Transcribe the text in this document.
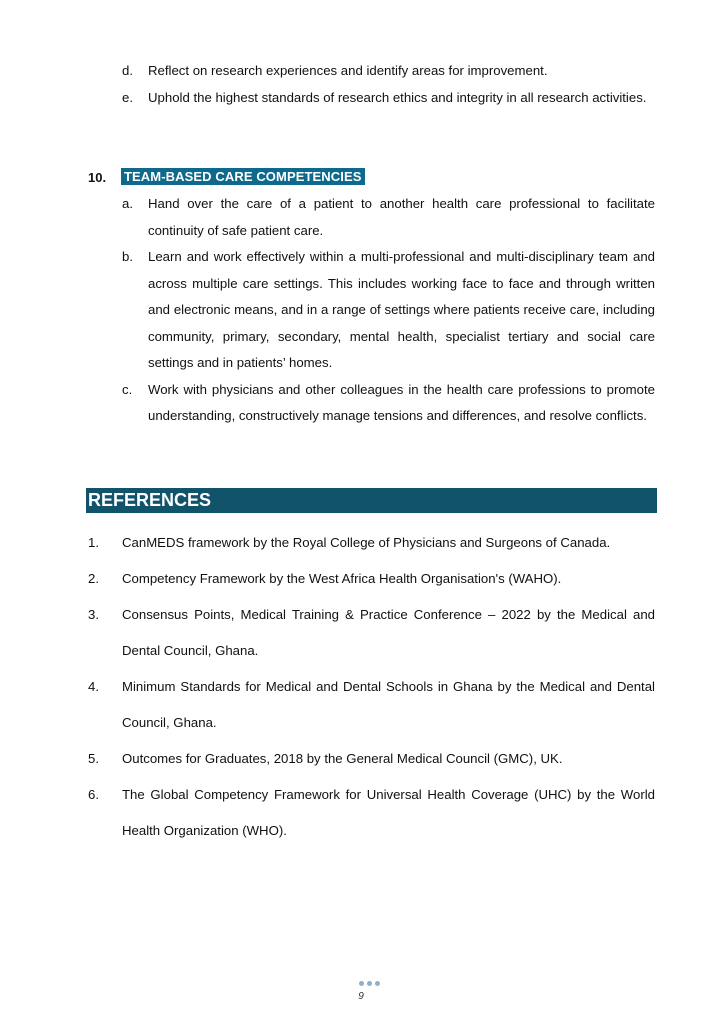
d. Reflect on research experiences and identify areas for improvement.
e. Uphold the highest standards of research ethics and integrity in all research activities.
10. TEAM-BASED CARE COMPETENCIES
a. Hand over the care of a patient to another health care professional to facilitate continuity of safe patient care.
b. Learn and work effectively within a multi-professional and multi-disciplinary team and across multiple care settings. This includes working face to face and through written and electronic means, and in a range of settings where patients receive care, including community, primary, secondary, mental health, specialist tertiary and social care settings and in patients’ homes.
c. Work with physicians and other colleagues in the health care professions to promote understanding, constructively manage tensions and differences, and resolve conflicts.
REFERENCES
1. CanMEDS framework by the Royal College of Physicians and Surgeons of Canada.
2. Competency Framework by the West Africa Health Organisation's (WAHO).
3. Consensus Points, Medical Training & Practice Conference – 2022 by the Medical and Dental Council, Ghana.
4. Minimum Standards for Medical and Dental Schools in Ghana by the Medical and Dental Council, Ghana.
5. Outcomes for Graduates, 2018 by the General Medical Council (GMC), UK.
6. The Global Competency Framework for Universal Health Coverage (UHC) by the World Health Organization (WHO).
9
